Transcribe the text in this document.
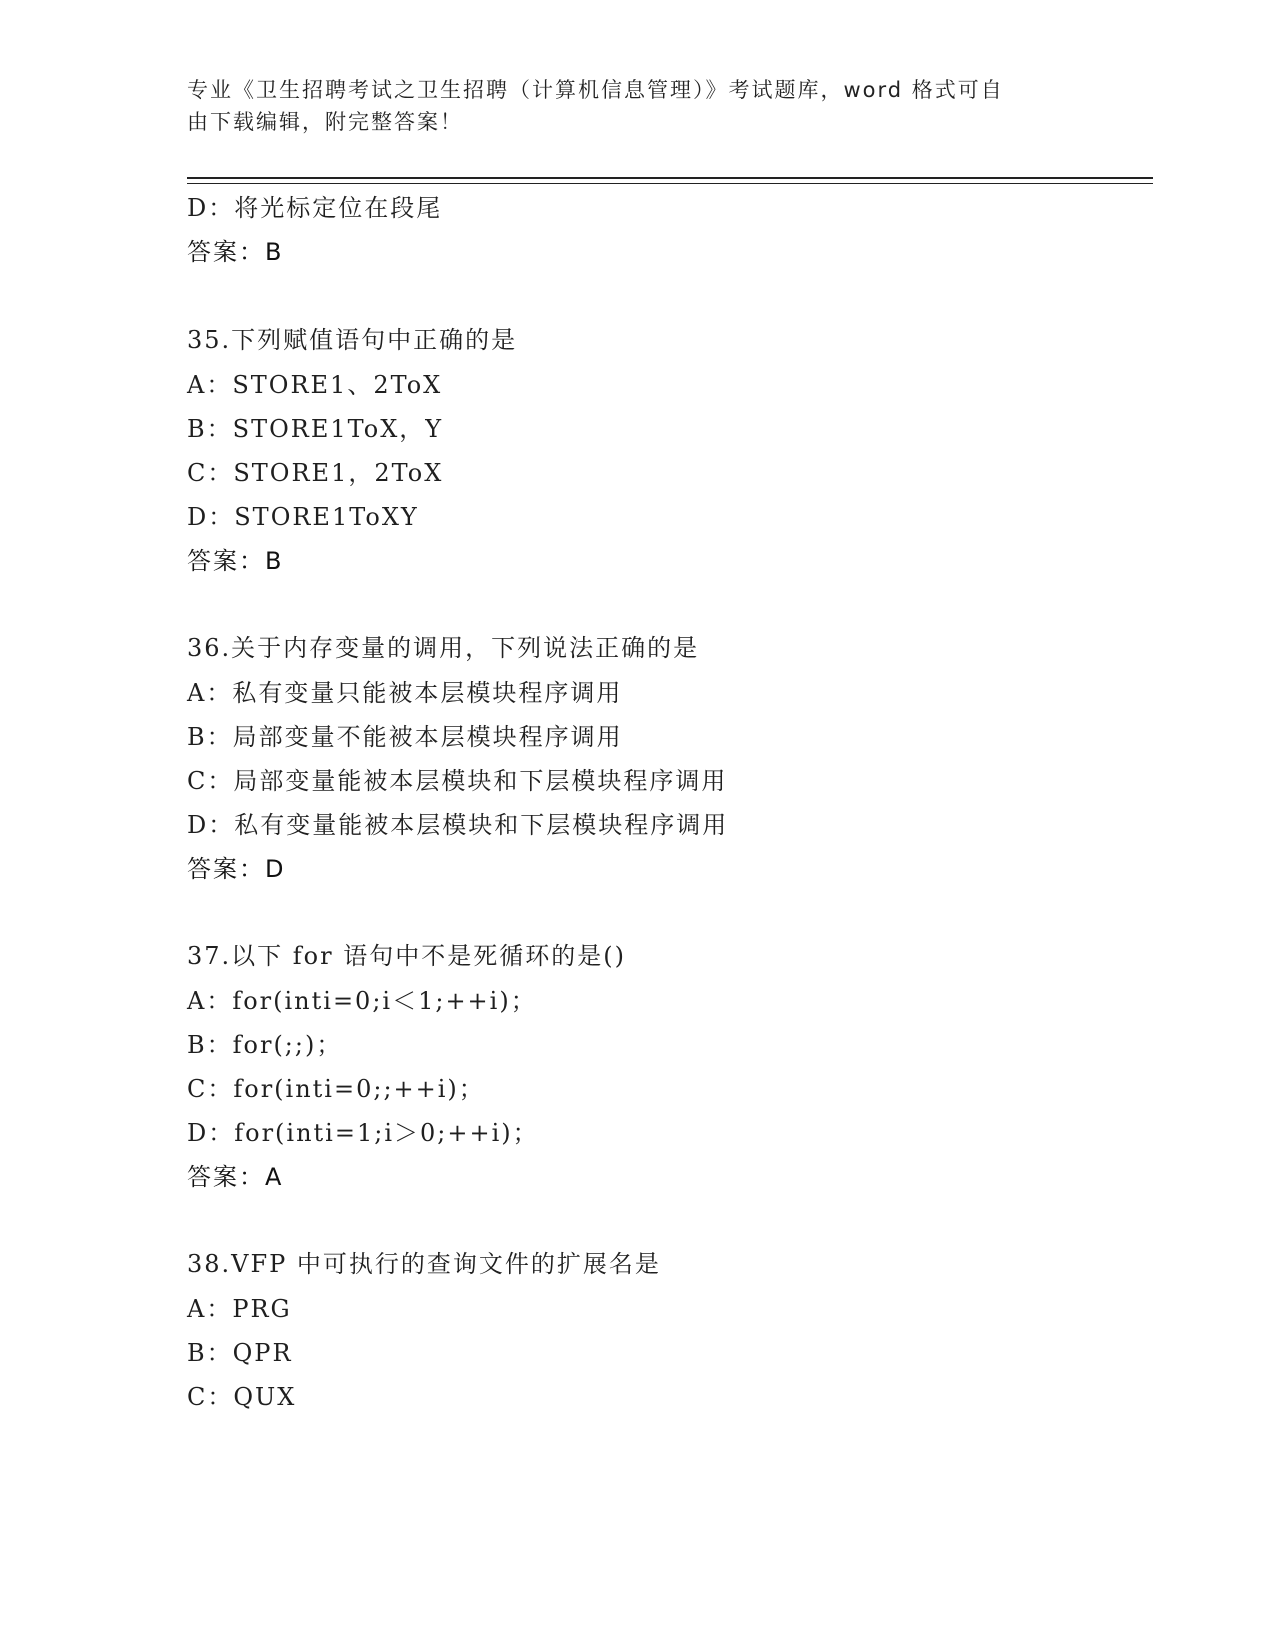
专业《卫生招聘考试之卫生招聘（计算机信息管理）》考试题库，word 格式可自
由下载编辑，附完整答案！
D：将光标定位在段尾
答案：B
35.下列赋值语句中正确的是
A：STORE1、2ToX
B：STORE1ToX，Y
C：STORE1，2ToX
D：STORE1ToXY
答案：B
36.关于内存变量的调用，下列说法正确的是
A：私有变量只能被本层模块程序调用
B：局部变量不能被本层模块程序调用
C：局部变量能被本层模块和下层模块程序调用
D：私有变量能被本层模块和下层模块程序调用
答案：D
37.以下 for 语句中不是死循环的是()
A：for(inti=0;i＜1;++i)；
B：for(;;)；
C：for(inti=0;;++i)；
D：for(inti=1;i＞0;++i)；
答案：A
38.VFP 中可执行的查询文件的扩展名是
A：PRG
B：QPR
C：QUX
